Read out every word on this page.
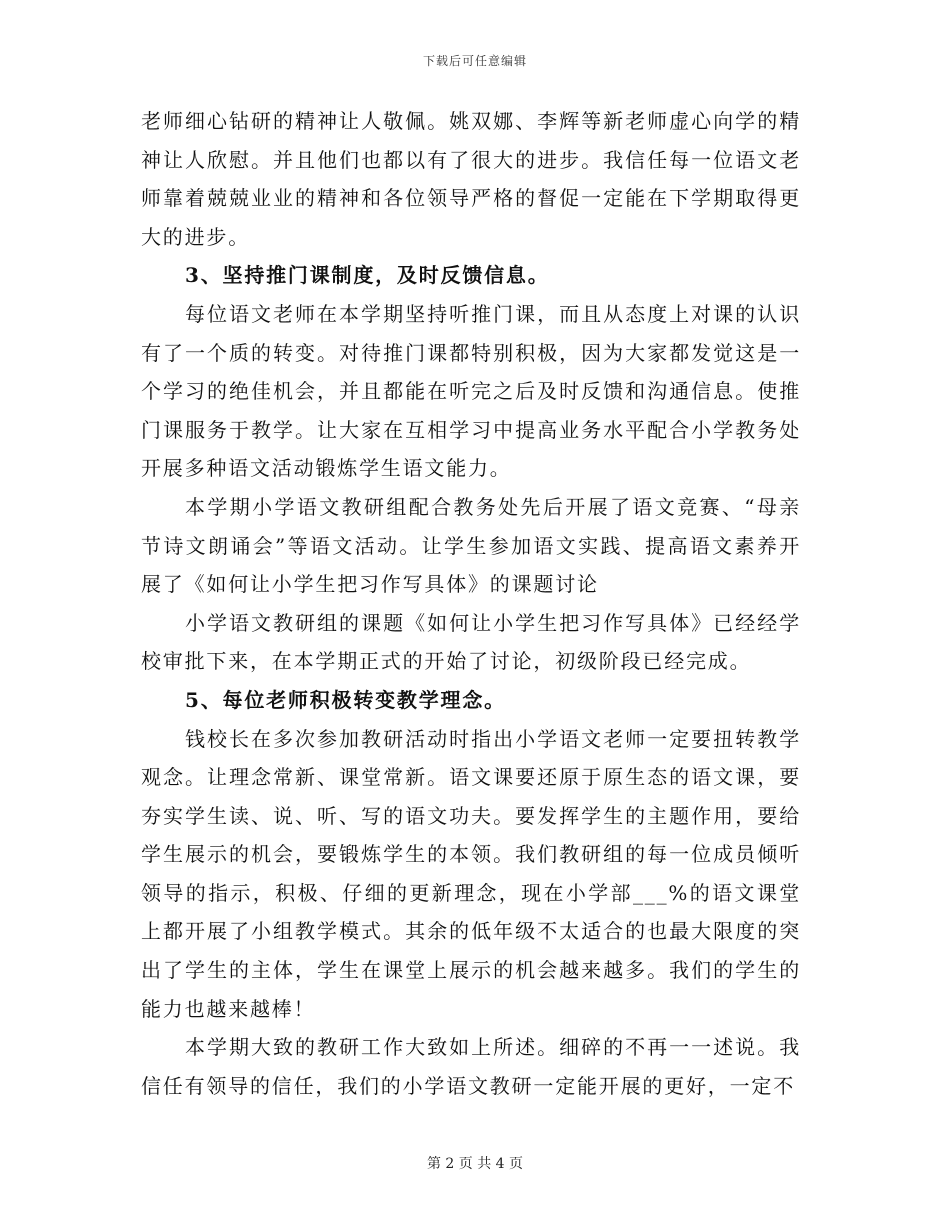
下载后可任意编辑

老师细心钻研的精神让人敬佩。姚双娜、李辉等新老师虚心向学的精神让人欣慰。并且他们也都以有了很大的进步。我信任每一位语文老师靠着兢兢业业的精神和各位领导严格的督促一定能在下学期取得更大的进步。

3、坚持推门课制度，及时反馈信息。

每位语文老师在本学期坚持听推门课，而且从态度上对课的认识有了一个质的转变。对待推门课都特别积极，因为大家都发觉这是一个学习的绝佳机会，并且都能在听完之后及时反馈和沟通信息。使推门课服务于教学。让大家在互相学习中提高业务水平配合小学教务处开展多种语文活动锻炼学生语文能力。

本学期小学语文教研组配合教务处先后开展了语文竞赛、“母亲节诗文朗诵会”等语文活动。让学生参加语文实践、提高语文素养开展了《如何让小学生把习作写具体》的课题讨论

小学语文教研组的课题《如何让小学生把习作写具体》已经经学校审批下来，在本学期正式的开始了讨论，初级阶段已经完成。

5、每位老师积极转变教学理念。

钱校长在多次参加教研活动时指出小学语文老师一定要扭转教学观念。让理念常新、课堂常新。语文课要还原于原生态的语文课，要夯实学生读、说、听、写的语文功夫。要发挥学生的主题作用，要给学生展示的机会，要锻炼学生的本领。我们教研组的每一位成员倾听领导的指示，积极、仔细的更新理念，现在小学部___%的语文课堂上都开展了小组教学模式。其余的低年级不太适合的也最大限度的突出了学生的主体，学生在课堂上展示的机会越来越多。我们的学生的能力也越来越棒！

本学期大致的教研工作大致如上所述。细碎的不再一一述说。我信任有领导的信任，我们的小学语文教研一定能开展的更好，一定不

第 2 页 共 4 页
